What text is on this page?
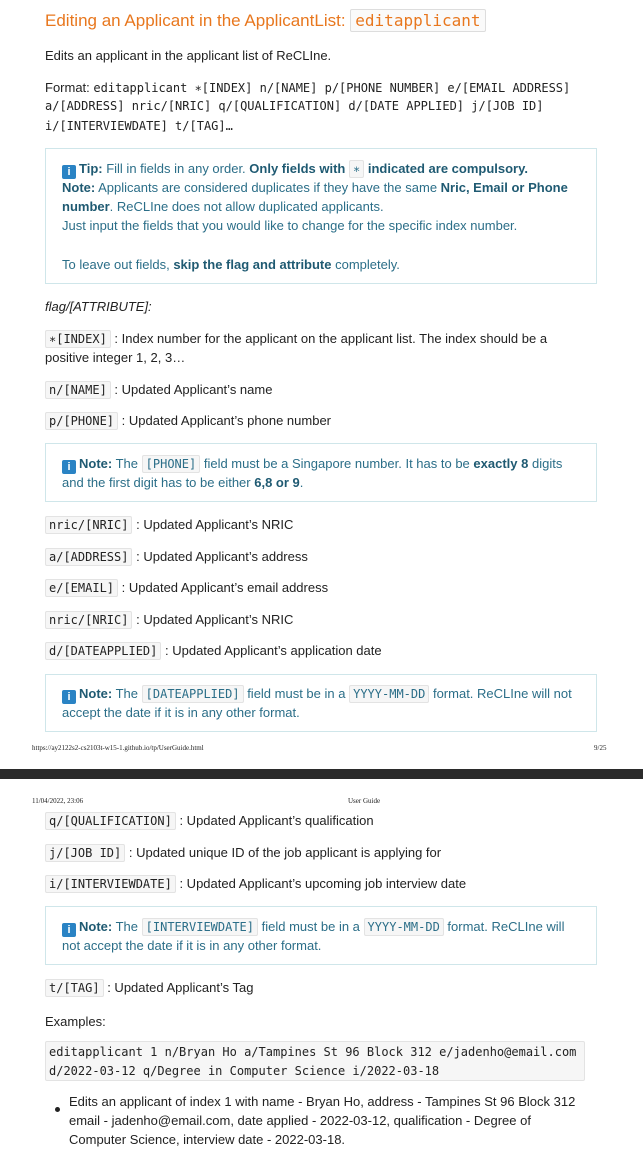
Editing an Applicant in the ApplicantList: editapplicant
Edits an applicant in the applicant list of ReCLIne.
Format: editapplicant ∗[INDEX] n/[NAME] p/[PHONE NUMBER] e/[EMAIL ADDRESS]
a/[ADDRESS] nric/[NRIC] q/[QUALIFICATION] d/[DATE APPLIED] j/[JOB ID]
i/[INTERVIEWDATE] t/[TAG]…
i Tip: Fill in fields in any order. Only fields with ∗ indicated are compulsory.
Note: Applicants are considered duplicates if they have the same Nric, Email or Phone
number. ReCLIne does not allow duplicated applicants.
Just input the fields that you would like to change for the specific index number.
To leave out fields, skip the flag and attribute completely.
flag/[ATTRIBUTE]:
∗[INDEX] : Index number for the applicant on the applicant list. The index should be a
positive integer 1, 2, 3…
n/[NAME] : Updated Applicant’s name
p/[PHONE] : Updated Applicant’s phone number
i Note: The [PHONE] field must be a Singapore number. It has to be exactly 8 digits
and the first digit has to be either 6,8 or 9.
nric/[NRIC] : Updated Applicant’s NRIC
a/[ADDRESS] : Updated Applicant’s address
e/[EMAIL] : Updated Applicant’s email address
nric/[NRIC] : Updated Applicant’s NRIC
d/[DATEAPPLIED] : Updated Applicant’s application date
i Note: The [DATEAPPLIED] field must be in a YYYY-MM-DD format. ReCLIne will not
accept the date if it is in any other format.
https://ay2122s2-cs2103t-w15-1.github.io/tp/UserGuide.html	9/25
11/04/2022, 23:06	User Guide
q/[QUALIFICATION] : Updated Applicant’s qualification
j/[JOB ID] : Updated unique ID of the job applicant is applying for
i/[INTERVIEWDATE] : Updated Applicant’s upcoming job interview date
i Note: The [INTERVIEWDATE] field must be in a YYYY-MM-DD format. ReCLIne will
not accept the date if it is in any other format.
t/[TAG] : Updated Applicant’s Tag
Examples:
editapplicant 1 n/Bryan Ho a/Tampines St 96 Block 312 e/jadenho@email.com
d/2022-03-12 q/Degree in Computer Science i/2022-03-18
Edits an applicant of index 1 with name - Bryan Ho, address - Tampines St 96 Block 312
email - jadenho@email.com, date applied - 2022-03-12, qualification - Degree of
Computer Science, interview date - 2022-03-18.
